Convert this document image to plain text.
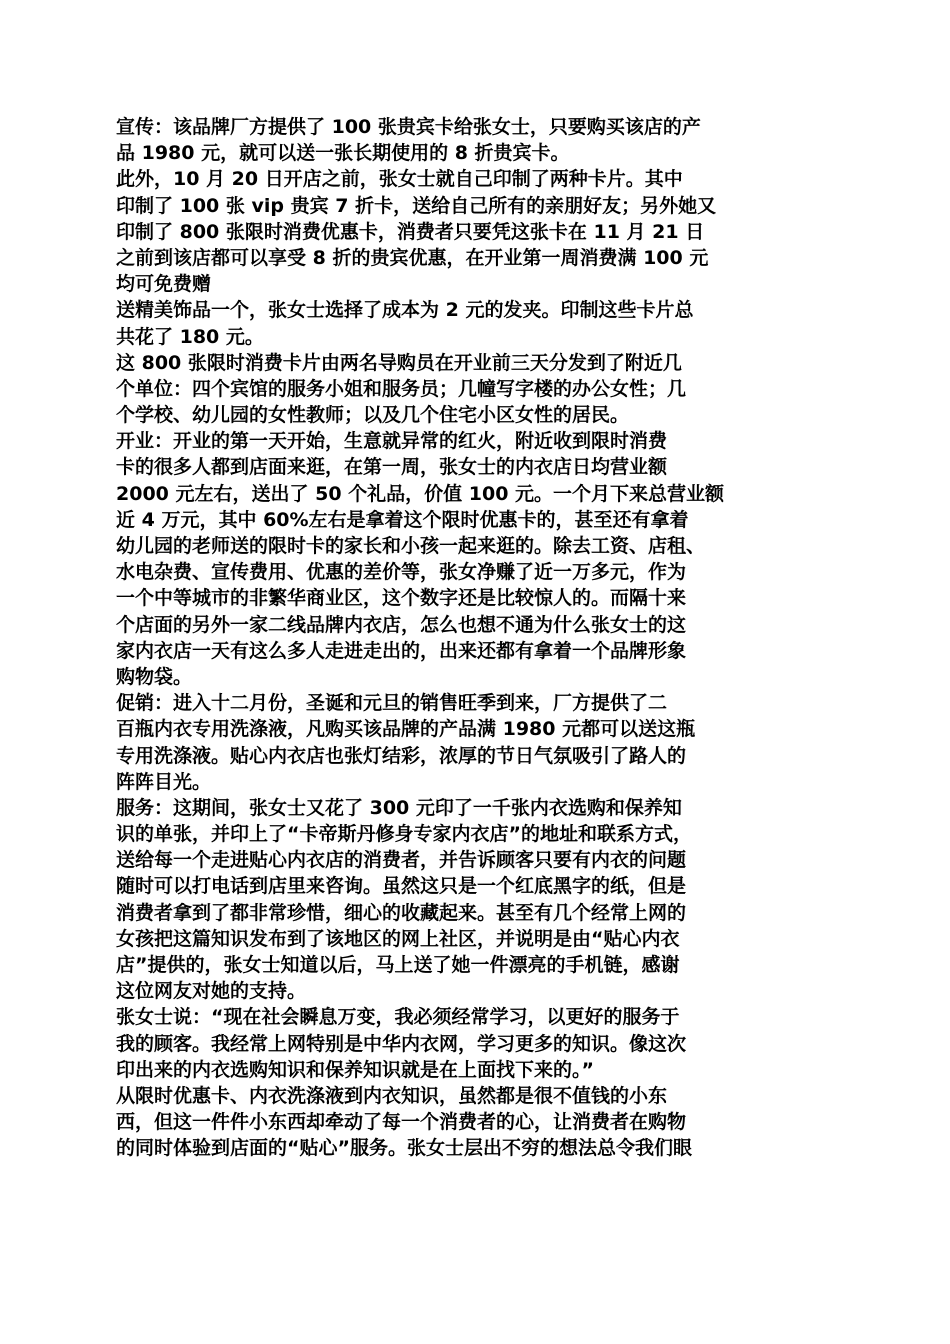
宣传：该品牌厂方提供了 100 张贵宾卡给张女士，只要购买该店的产
品 1980 元，就可以送一张长期使用的 8 折贵宾卡。
此外，10 月 20 日开店之前，张女士就自己印制了两种卡片。其中
印制了 100 张 vip 贵宾 7 折卡，送给自己所有的亲朋好友；另外她又
印制了 800 张限时消费优惠卡，消费者只要凭这张卡在 11 月 21 日
之前到该店都可以享受 8 折的贵宾优惠，在开业第一周消费满 100 元
均可免费赠
送精美饰品一个，张女士选择了成本为 2 元的发夹。印制这些卡片总
共花了 180 元。
这 800 张限时消费卡片由两名导购员在开业前三天分发到了附近几
个单位：四个宾馆的服务小姐和服务员；几幢写字楼的办公女性；几
个学校、幼儿园的女性教师；以及几个住宅小区女性的居民。
开业：开业的第一天开始，生意就异常的红火，附近收到限时消费
卡的很多人都到店面来逛，在第一周，张女士的内衣店日均营业额
2000 元左右，送出了 50 个礼品，价值 100 元。一个月下来总营业额
近 4 万元，其中 60%左右是拿着这个限时优惠卡的，甚至还有拿着
幼儿园的老师送的限时卡的家长和小孩一起来逛的。除去工资、店租、
水电杂费、宣传费用、优惠的差价等，张女净赚了近一万多元，作为
一个中等城市的非繁华商业区，这个数字还是比较惊人的。而隔十来
个店面的另外一家二线品牌内衣店，怎么也想不通为什么张女士的这
家内衣店一天有这么多人走进走出的，出来还都有拿着一个品牌形象
购物袋。
促销：进入十二月份，圣诞和元旦的销售旺季到来，厂方提供了二
百瓶内衣专用洗涤液，凡购买该品牌的产品满 1980 元都可以送这瓶
专用洗涤液。贴心内衣店也张灯结彩，浓厚的节日气氛吸引了路人的
阵阵目光。
服务：这期间，张女士又花了 300 元印了一千张内衣选购和保养知
识的单张，并印上了“卡帝斯丹修身专家内衣店”的地址和联系方式，
送给每一个走进贴心内衣店的消费者，并告诉顾客只要有内衣的问题
随时可以打电话到店里来咨询。虽然这只是一个红底黑字的纸，但是
消费者拿到了都非常珍惜，细心的收藏起来。甚至有几个经常上网的
女孩把这篇知识发布到了该地区的网上社区，并说明是由“贴心内衣
店”提供的，张女士知道以后，马上送了她一件漂亮的手机链，感谢
这位网友对她的支持。
张女士说：“现在社会瞬息万变，我必须经常学习，以更好的服务于
我的顾客。我经常上网特别是中华内衣网，学习更多的知识。像这次
印出来的内衣选购知识和保养知识就是在上面找下来的。”
从限时优惠卡、内衣洗涤液到内衣知识，虽然都是很不值钱的小东
西，但这一件件小东西却牵动了每一个消费者的心，让消费者在购物
的同时体验到店面的“贴心”服务。张女士层出不穷的想法总令我们眼
